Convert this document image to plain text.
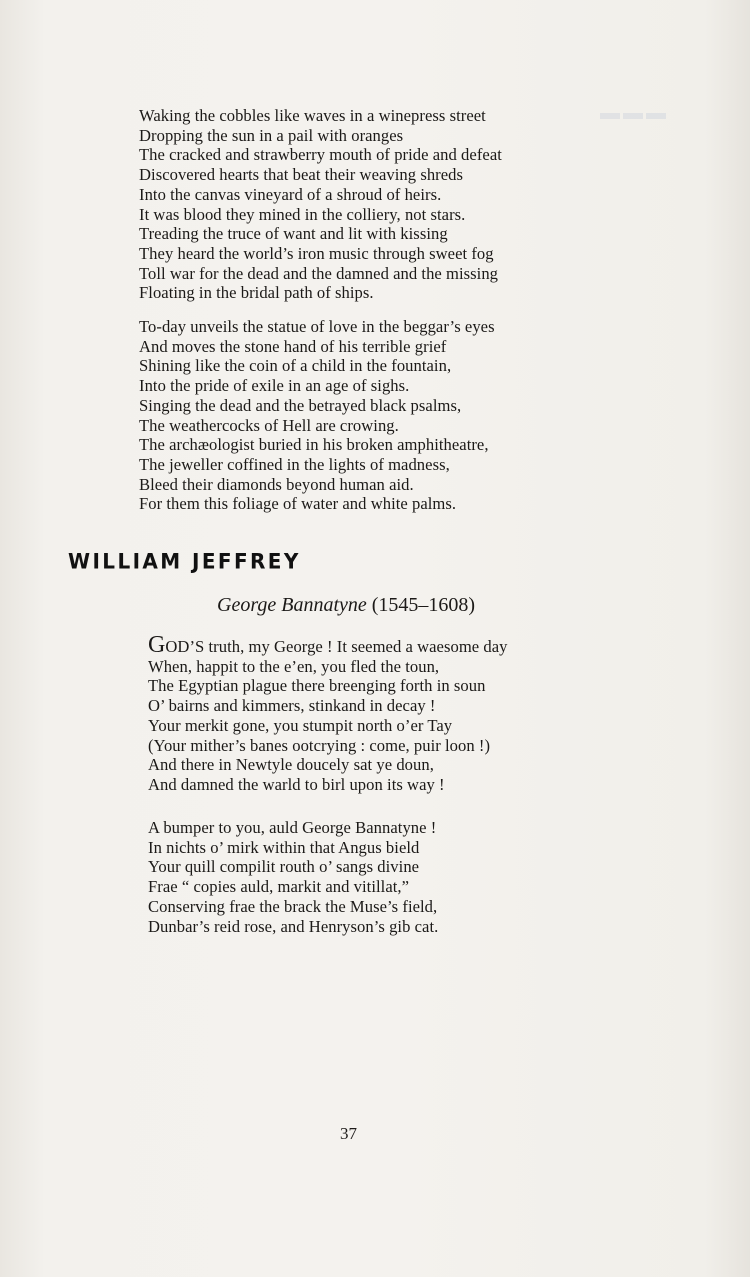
▬▬▬
Waking the cobbles like waves in a winepress street
Dropping the sun in a pail with oranges
The cracked and strawberry mouth of pride and defeat
Discovered hearts that beat their weaving shreds
Into the canvas vineyard of a shroud of heirs.
It was blood they mined in the colliery, not stars.
Treading the truce of want and lit with kissing
They heard the world’s iron music through sweet fog
Toll war for the dead and the damned and the missing
Floating in the bridal path of ships.
To-day unveils the statue of love in the beggar’s eyes
And moves the stone hand of his terrible grief
Shining like the coin of a child in the fountain,
Into the pride of exile in an age of sighs.
Singing the dead and the betrayed black psalms,
The weathercocks of Hell are crowing.
The archæologist buried in his broken amphitheatre,
The jeweller coffined in the lights of madness,
Bleed their diamonds beyond human aid.
For them this foliage of water and white palms.
WILLIAM JEFFREY
George Bannatyne (1545–1608)
GOD’S truth, my George ! It seemed a waesome day
When, happit to the e’en, you fled the toun,
The Egyptian plague there breenging forth in soun
O’ bairns and kimmers, stinkand in decay !
Your merkit gone, you stumpit north o’er Tay
(Your mither’s banes ootcrying : come, puir loon !)
And there in Newtyle doucely sat ye doun,
And damned the warld to birl upon its way !
A bumper to you, auld George Bannatyne !
In nichts o’ mirk within that Angus bield
Your quill compilit routh o’ sangs divine
Frae “ copies auld, markit and vitillat,”
Conserving frae the brack the Muse’s field,
Dunbar’s reid rose, and Henryson’s gib cat.

37
